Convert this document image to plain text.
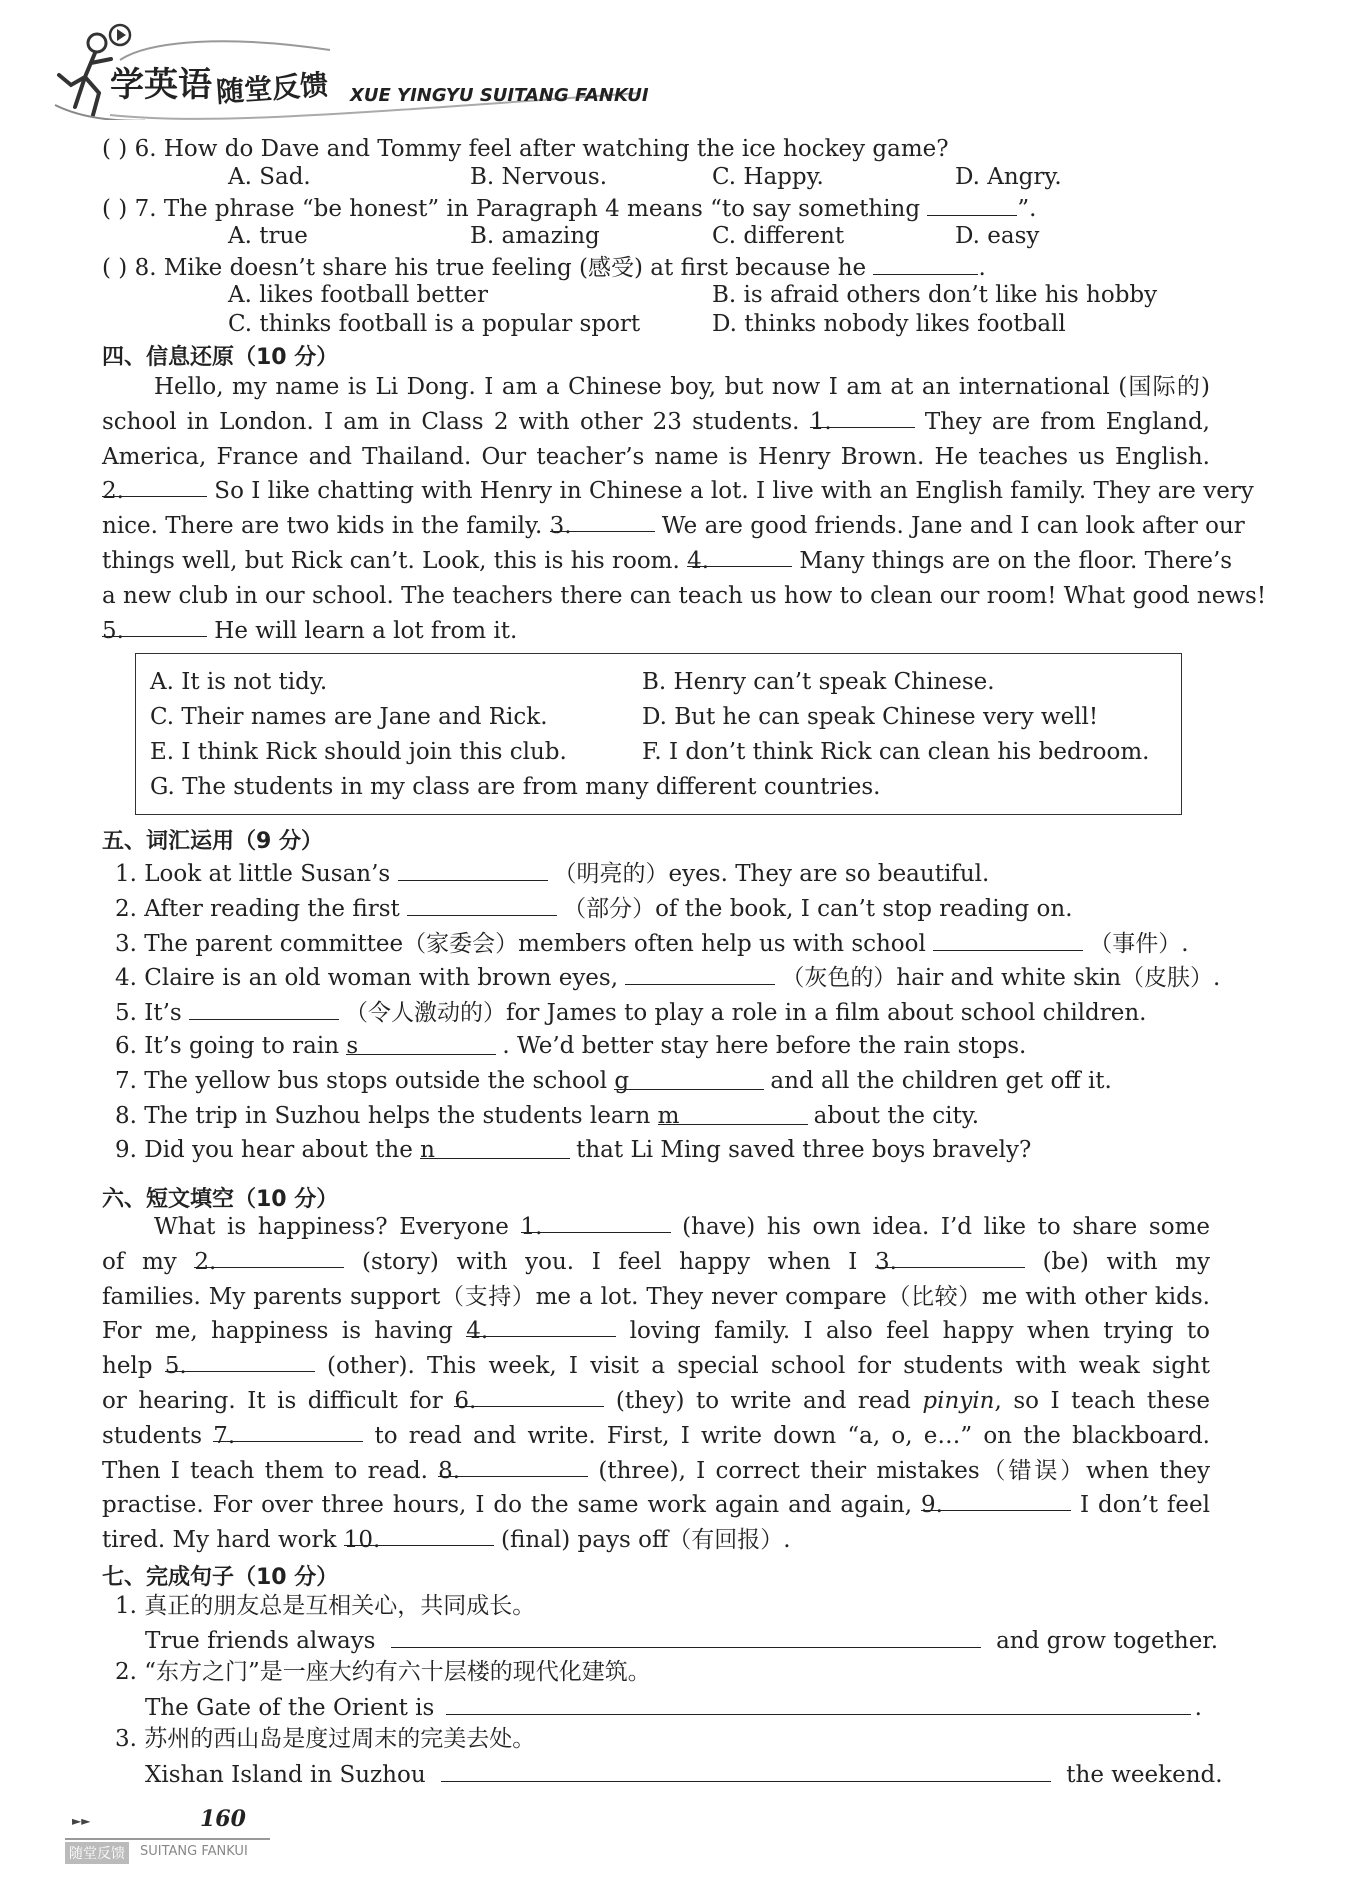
学英语 随堂反馈 XUE YINGYU SUITANG FANKUI
( ) 6. How do Dave and Tommy feel after watching the ice hockey game?
A. Sad.	B. Nervous.	C. Happy.	D. Angry.
( ) 7. The phrase “be honest” in Paragraph 4 means “to say something	”.
A. true	B. amazing	C. different	D. easy
( ) 8. Mike doesn’t share his true feeling (感受) at first because he	.
A. likes football better	B. is afraid others don’t like his hobby
C. thinks football is a popular sport	D. thinks nobody likes football
四、信息还原（10 分）
Hello, my name is Li Dong. I am a Chinese boy, but now I am at an international (国际的)
school in London. I am in Class 2 with other 23 students. 1.	They are from England,
America, France and Thailand. Our teacher’s name is Henry Brown. He teaches us English.
2.	So I like chatting with Henry in Chinese a lot. I live with an English family. They are very
nice. There are two kids in the family. 3.	We are good friends. Jane and I can look after our
things well, but Rick can’t. Look, this is his room. 4.	Many things are on the floor. There’s
a new club in our school. The teachers there can teach us how to clean our room! What good news!
5.	He will learn a lot from it.
A. It is not tidy.	B. Henry can’t speak Chinese.
C. Their names are Jane and Rick.	D. But he can speak Chinese very well!
E. I think Rick should join this club.	F. I don’t think Rick can clean his bedroom.
G. The students in my class are from many different countries.
五、词汇运用（9 分）
1. Look at little Susan’s	（明亮的）eyes. They are so beautiful.
2. After reading the first	（部分）of the book, I can’t stop reading on.
3. The parent committee（家委会）members often help us with school	（事件）.
4. Claire is an old woman with brown eyes,	（灰色的）hair and white skin（皮肤）.
5. It’s	（令人激动的）for James to play a role in a film about school children.
6. It’s going to rain s	. We’d better stay here before the rain stops.
7. The yellow bus stops outside the school g	and all the children get off it.
8. The trip in Suzhou helps the students learn m	about the city.
9. Did you hear about the n	that Li Ming saved three boys bravely?
六、短文填空（10 分）
What is happiness? Everyone 1.	(have) his own idea. I’d like to share some
of my 2.	(story) with you. I feel happy when I 3.	(be) with my
families. My parents support（支持）me a lot. They never compare（比较）me with other kids.
For me, happiness is having 4.	loving family. I also feel happy when trying to
help 5.	(other). This week, I visit a special school for students with weak sight
or hearing. It is difficult for 6.	(they) to write and read pinyin, so I teach these
students 7.	to read and write. First, I write down “a, o, e…” on the blackboard.
Then I teach them to read. 8.	(three), I correct their mistakes（错误）when they
practise. For over three hours, I do the same work again and again, 9.	I don’t feel
tired. My hard work 10.	(final) pays off（有回报）.
七、完成句子（10 分）
1. 真正的朋友总是互相关心，共同成长。
True friends always	and grow together.
2. “东方之门”是一座大约有六十层楼的现代化建筑。
The Gate of the Orient is	.
3. 苏州的西山岛是度过周末的完美去处。
Xishan Island in Suzhou	the weekend.
►►	160
随堂反馈	SUITANG FANKUI
